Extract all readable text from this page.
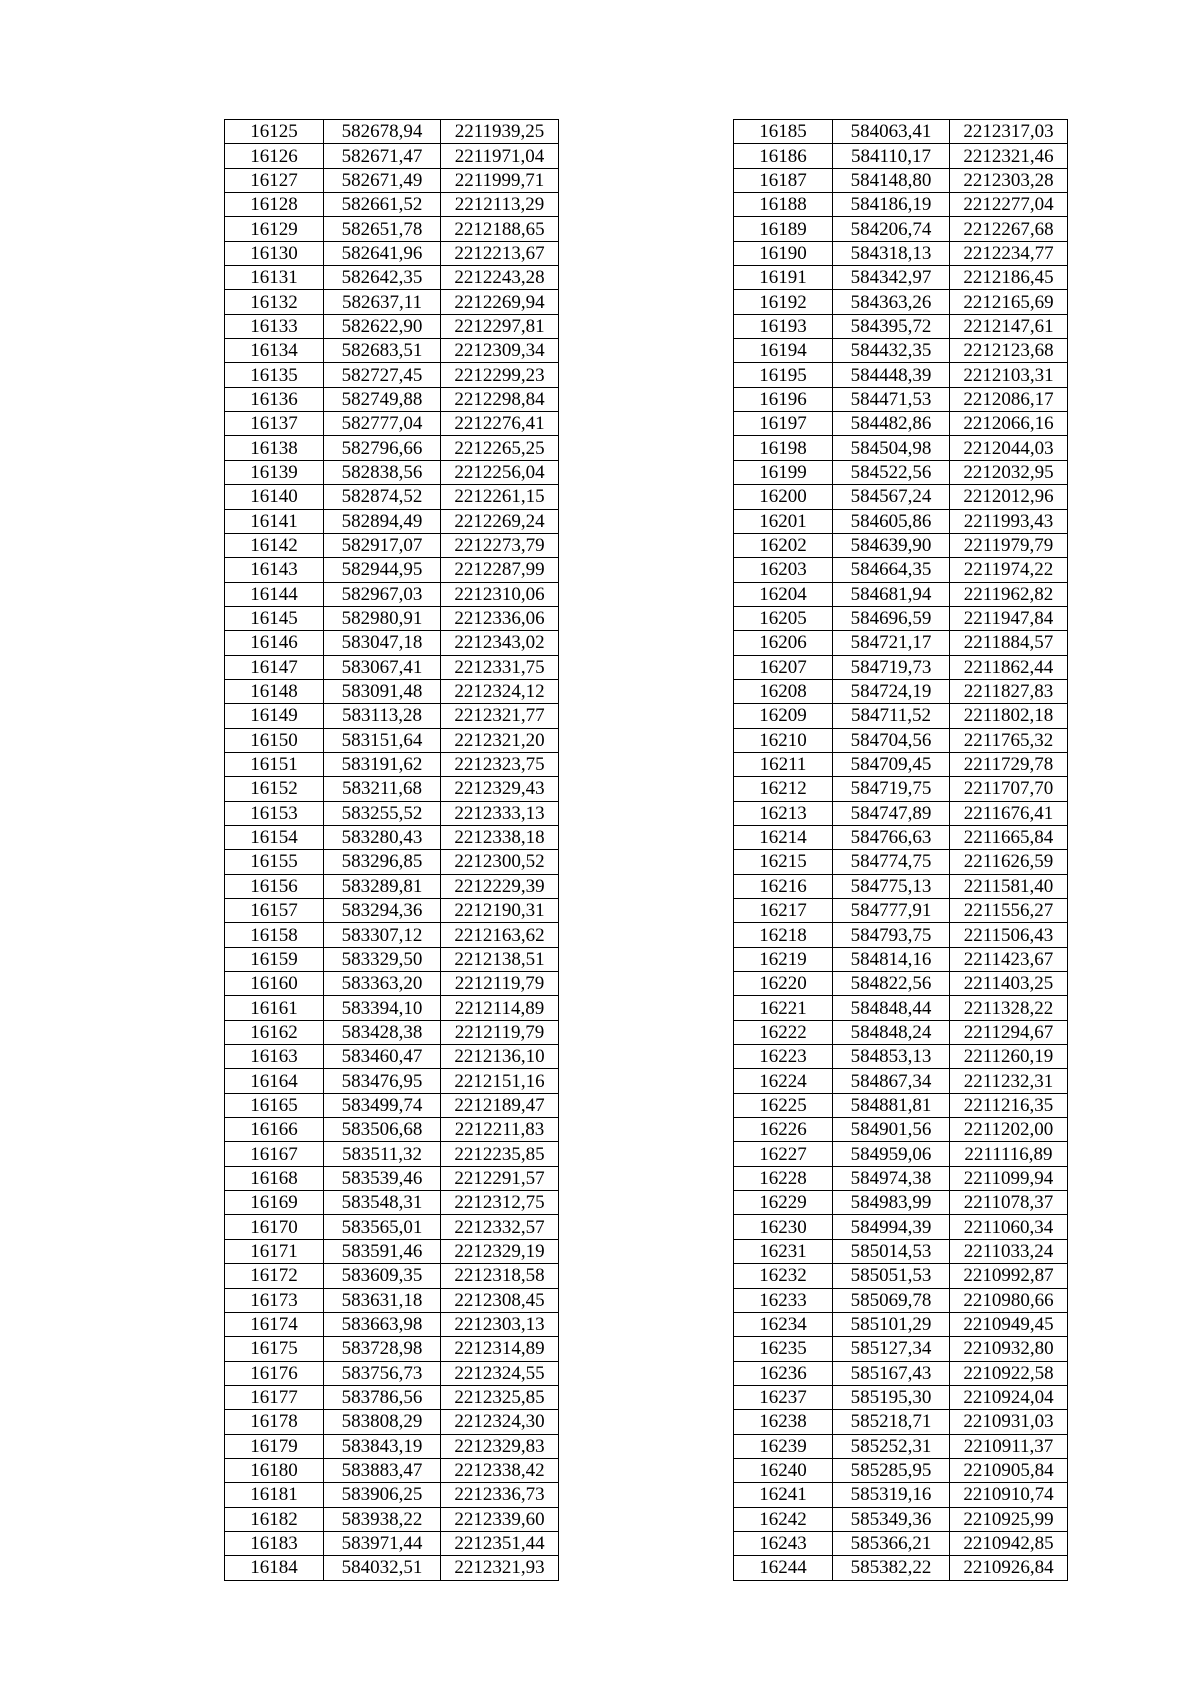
16125	582678,94	2211939,25
16126	582671,47	2211971,04
16127	582671,49	2211999,71
16128	582661,52	2212113,29
16129	582651,78	2212188,65
16130	582641,96	2212213,67
16131	582642,35	2212243,28
16132	582637,11	2212269,94
16133	582622,90	2212297,81
16134	582683,51	2212309,34
16135	582727,45	2212299,23
16136	582749,88	2212298,84
16137	582777,04	2212276,41
16138	582796,66	2212265,25
16139	582838,56	2212256,04
16140	582874,52	2212261,15
16141	582894,49	2212269,24
16142	582917,07	2212273,79
16143	582944,95	2212287,99
16144	582967,03	2212310,06
16145	582980,91	2212336,06
16146	583047,18	2212343,02
16147	583067,41	2212331,75
16148	583091,48	2212324,12
16149	583113,28	2212321,77
16150	583151,64	2212321,20
16151	583191,62	2212323,75
16152	583211,68	2212329,43
16153	583255,52	2212333,13
16154	583280,43	2212338,18
16155	583296,85	2212300,52
16156	583289,81	2212229,39
16157	583294,36	2212190,31
16158	583307,12	2212163,62
16159	583329,50	2212138,51
16160	583363,20	2212119,79
16161	583394,10	2212114,89
16162	583428,38	2212119,79
16163	583460,47	2212136,10
16164	583476,95	2212151,16
16165	583499,74	2212189,47
16166	583506,68	2212211,83
16167	583511,32	2212235,85
16168	583539,46	2212291,57
16169	583548,31	2212312,75
16170	583565,01	2212332,57
16171	583591,46	2212329,19
16172	583609,35	2212318,58
16173	583631,18	2212308,45
16174	583663,98	2212303,13
16175	583728,98	2212314,89
16176	583756,73	2212324,55
16177	583786,56	2212325,85
16178	583808,29	2212324,30
16179	583843,19	2212329,83
16180	583883,47	2212338,42
16181	583906,25	2212336,73
16182	583938,22	2212339,60
16183	583971,44	2212351,44
16184	584032,51	2212321,93
16185	584063,41	2212317,03
16186	584110,17	2212321,46
16187	584148,80	2212303,28
16188	584186,19	2212277,04
16189	584206,74	2212267,68
16190	584318,13	2212234,77
16191	584342,97	2212186,45
16192	584363,26	2212165,69
16193	584395,72	2212147,61
16194	584432,35	2212123,68
16195	584448,39	2212103,31
16196	584471,53	2212086,17
16197	584482,86	2212066,16
16198	584504,98	2212044,03
16199	584522,56	2212032,95
16200	584567,24	2212012,96
16201	584605,86	2211993,43
16202	584639,90	2211979,79
16203	584664,35	2211974,22
16204	584681,94	2211962,82
16205	584696,59	2211947,84
16206	584721,17	2211884,57
16207	584719,73	2211862,44
16208	584724,19	2211827,83
16209	584711,52	2211802,18
16210	584704,56	2211765,32
16211	584709,45	2211729,78
16212	584719,75	2211707,70
16213	584747,89	2211676,41
16214	584766,63	2211665,84
16215	584774,75	2211626,59
16216	584775,13	2211581,40
16217	584777,91	2211556,27
16218	584793,75	2211506,43
16219	584814,16	2211423,67
16220	584822,56	2211403,25
16221	584848,44	2211328,22
16222	584848,24	2211294,67
16223	584853,13	2211260,19
16224	584867,34	2211232,31
16225	584881,81	2211216,35
16226	584901,56	2211202,00
16227	584959,06	2211116,89
16228	584974,38	2211099,94
16229	584983,99	2211078,37
16230	584994,39	2211060,34
16231	585014,53	2211033,24
16232	585051,53	2210992,87
16233	585069,78	2210980,66
16234	585101,29	2210949,45
16235	585127,34	2210932,80
16236	585167,43	2210922,58
16237	585195,30	2210924,04
16238	585218,71	2210931,03
16239	585252,31	2210911,37
16240	585285,95	2210905,84
16241	585319,16	2210910,74
16242	585349,36	2210925,99
16243	585366,21	2210942,85
16244	585382,22	2210926,84
